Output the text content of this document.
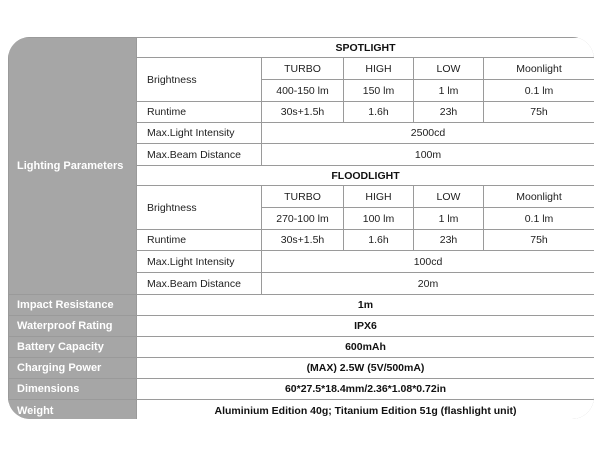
Lighting Parameters	SPOTLIGHT				
	Brightness	TURBO	HIGH	LOW	Moonlight
		400-150 lm	150 lm	1 lm	0.1 lm
	Runtime	30s+1.5h	1.6h	23h	75h
	Max.Light Intensity	2500cd			
	Max.Beam Distance	100m			
	FLOODLIGHT				
	Brightness	TURBO	HIGH	LOW	Moonlight
		270-100 lm	100 lm	1 lm	0.1 lm
	Runtime	30s+1.5h	1.6h	23h	75h
	Max.Light Intensity	100cd			
	Max.Beam Distance	20m			
Impact Resistance	1m				
Waterproof Rating	IPX6				
Battery Capacity	600mAh				
Charging Power	(MAX) 2.5W (5V/500mA)				
Dimensions	60*27.5*18.4mm/2.36*1.08*0.72in				
Weight	Aluminium Edition 40g; Titanium Edition 51g (flashlight unit)				
